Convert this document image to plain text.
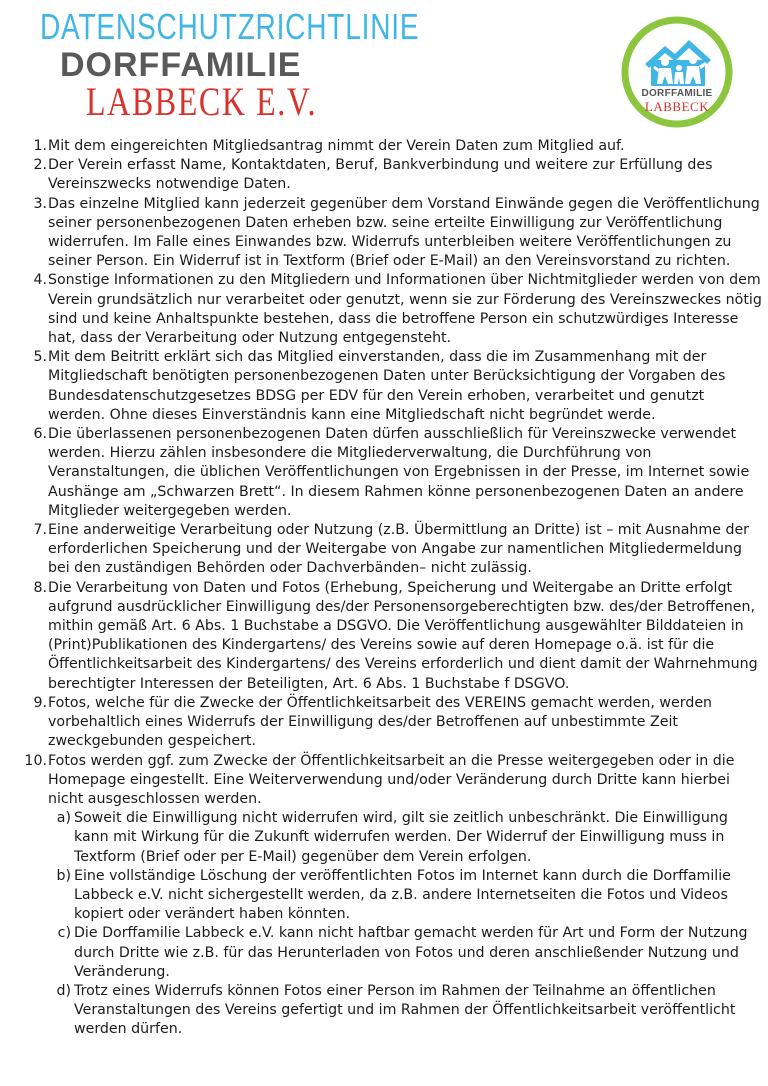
DATENSCHUTZRICHTLINIE
DORFFAMILIE
LABBECK E.V.	DORFFAMILIE
LABBECK
1. Mit dem eingereichten Mitgliedsantrag nimmt der Verein Daten zum Mitglied auf.
2. Der Verein erfasst Name, Kontaktdaten, Beruf, Bankverbindung und weitere zur Erfüllung des Vereinszwecks notwendige Daten.
3. Das einzelne Mitglied kann jederzeit gegenüber dem Vorstand Einwände gegen die Veröffentlichung seiner personenbezogenen Daten erheben bzw. seine erteilte Einwilligung zur Veröffentlichung widerrufen. Im Falle eines Einwandes bzw. Widerrufs unterbleiben weitere Veröffentlichungen zu seiner Person. Ein Widerruf ist in Textform (Brief oder E-Mail) an den Vereinsvorstand zu richten.
4. Sonstige Informationen zu den Mitgliedern und Informationen über Nichtmitglieder werden von dem Verein grundsätzlich nur verarbeitet oder genutzt, wenn sie zur Förderung des Vereinszweckes nötig sind und keine Anhaltspunkte bestehen, dass die betroffene Person ein schutzwürdiges Interesse hat, dass der Verarbeitung oder Nutzung entgegensteht.
5. Mit dem Beitritt erklärt sich das Mitglied einverstanden, dass die im Zusammenhang mit der Mitgliedschaft benötigten personenbezogenen Daten unter Berücksichtigung der Vorgaben des Bundesdatenschutzgesetzes BDSG per EDV für den Verein erhoben, verarbeitet und genutzt werden. Ohne dieses Einverständnis kann eine Mitgliedschaft nicht begründet werde.
6. Die überlassenen personenbezogenen Daten dürfen ausschließlich für Vereinszwecke verwendet werden. Hierzu zählen insbesondere die Mitgliederverwaltung, die Durchführung von Veranstaltungen, die üblichen Veröffentlichungen von Ergebnissen in der Presse, im Internet sowie Aushänge am „Schwarzen Brett“. In diesem Rahmen könne personenbezogenen Daten an andere Mitglieder weitergegeben werden.
7. Eine anderweitige Verarbeitung oder Nutzung (z.B. Übermittlung an Dritte) ist – mit Ausnahme der erforderlichen Speicherung und der Weitergabe von Angabe zur namentlichen Mitgliedermeldung bei den zuständigen Behörden oder Dachverbänden– nicht zulässig.
8. Die Verarbeitung von Daten und Fotos (Erhebung, Speicherung und Weitergabe an Dritte erfolgt aufgrund ausdrücklicher Einwilligung des/der Personensorgeberechtigten bzw. des/der Betroffenen, mithin gemäß Art. 6 Abs. 1 Buchstabe a DSGVO. Die Veröffentlichung ausgewählter Bilddateien in (Print)Publikationen des Kindergartens/ des Vereins sowie auf deren Homepage o.ä. ist für die Öffentlichkeitsarbeit des Kindergartens/ des Vereins erforderlich und dient damit der Wahrnehmung berechtigter Interessen der Beteiligten, Art. 6 Abs. 1 Buchstabe f DSGVO.
9. Fotos, welche für die Zwecke der Öffentlichkeitsarbeit des VEREINS gemacht werden, werden vorbehaltlich eines Widerrufs der Einwilligung des/der Betroffenen auf unbestimmte Zeit zweckgebunden gespeichert.
10. Fotos werden ggf. zum Zwecke der Öffentlichkeitsarbeit an die Presse weitergegeben oder in die Homepage eingestellt. Eine Weiterverwendung und/oder Veränderung durch Dritte kann hierbei nicht ausgeschlossen werden.
a) Soweit die Einwilligung nicht widerrufen wird, gilt sie zeitlich unbeschränkt. Die Einwilligung kann mit Wirkung für die Zukunft widerrufen werden. Der Widerruf der Einwilligung muss in Textform (Brief oder per E-Mail) gegenüber dem Verein erfolgen.
b) Eine vollständige Löschung der veröffentlichten Fotos im Internet kann durch die Dorffamilie Labbeck e.V. nicht sichergestellt werden, da z.B. andere Internetseiten die Fotos und Videos kopiert oder verändert haben könnten.
c) Die Dorffamilie Labbeck e.V. kann nicht haftbar gemacht werden für Art und Form der Nutzung durch Dritte wie z.B. für das Herunterladen von Fotos und deren anschließender Nutzung und Veränderung.
d) Trotz eines Widerrufs können Fotos einer Person im Rahmen der Teilnahme an öffentlichen Veranstaltungen des Vereins gefertigt und im Rahmen der Öffentlichkeitsarbeit veröffentlicht werden dürfen.
